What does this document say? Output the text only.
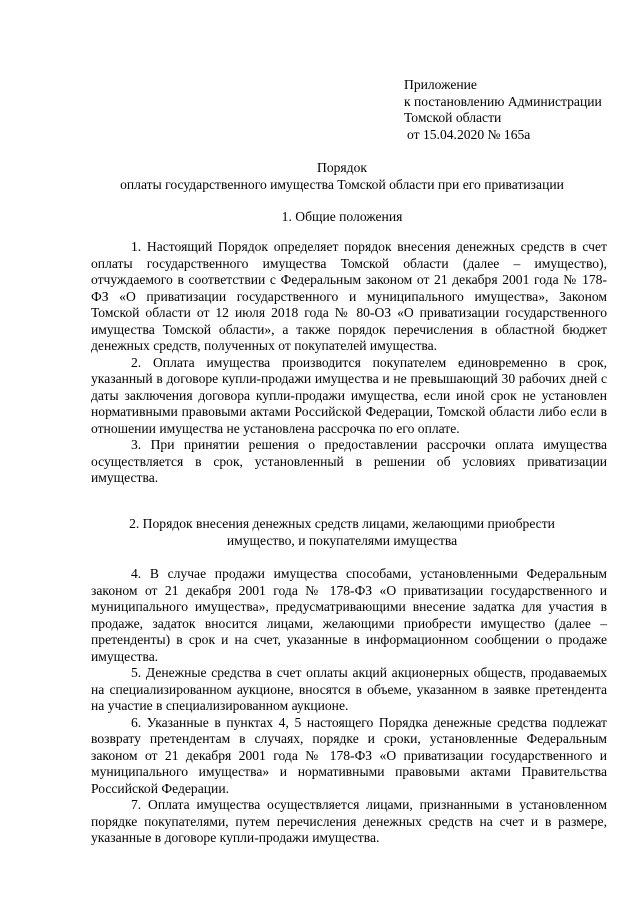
Приложение
к постановлению Администрации
Томской области
от 15.04.2020 № 165а
Порядок
оплаты государственного имущества Томской области при его приватизации
1. Общие положения

1. Настоящий Порядок определяет порядок внесения денежных средств в счет оплаты государственного имущества Томской области (далее – имущество), отчуждаемого в соответствии с Федеральным законом от 21 декабря 2001 года № 178-ФЗ «О приватизации государственного и муниципального имущества», Законом Томской области от 12 июля 2018 года № 80-ОЗ «О приватизации государственного имущества Томской области», а также порядок перечисления в областной бюджет денежных средств, полученных от покупателей имущества.

2. Оплата имущества производится покупателем единовременно в срок, указанный в договоре купли-продажи имущества и не превышающий 30 рабочих дней с даты заключения договора купли-продажи имущества, если иной срок не установлен нормативными правовыми актами Российской Федерации, Томской области либо если в отношении имущества не установлена рассрочка по его оплате.

3. При принятии решения о предоставлении рассрочки оплата имущества осуществляется в срок, установленный в решении об условиях приватизации имущества.

2. Порядок внесения денежных средств лицами, желающими приобрести
имущество, и покупателями имущества

4. В случае продажи имущества способами, установленными Федеральным законом от 21 декабря 2001 года № 178-ФЗ «О приватизации государственного и муниципального имущества», предусматривающими внесение задатка для участия в продаже, задаток вносится лицами, желающими приобрести имущество (далее – претенденты) в срок и на счет, указанные в информационном сообщении о продаже имущества.

5. Денежные средства в счет оплаты акций акционерных обществ, продаваемых на специализированном аукционе, вносятся в объеме, указанном в заявке претендента на участие в специализированном аукционе.

6. Указанные в пунктах 4, 5 настоящего Порядка денежные средства подлежат возврату претендентам в случаях, порядке и сроки, установленные Федеральным законом от 21 декабря 2001 года № 178-ФЗ «О приватизации государственного и муниципального имущества» и нормативными правовыми актами Правительства Российской Федерации.

7. Оплата имущества осуществляется лицами, признанными в установленном порядке покупателями, путем перечисления денежных средств на счет и в размере, указанные в договоре купли-продажи имущества.
